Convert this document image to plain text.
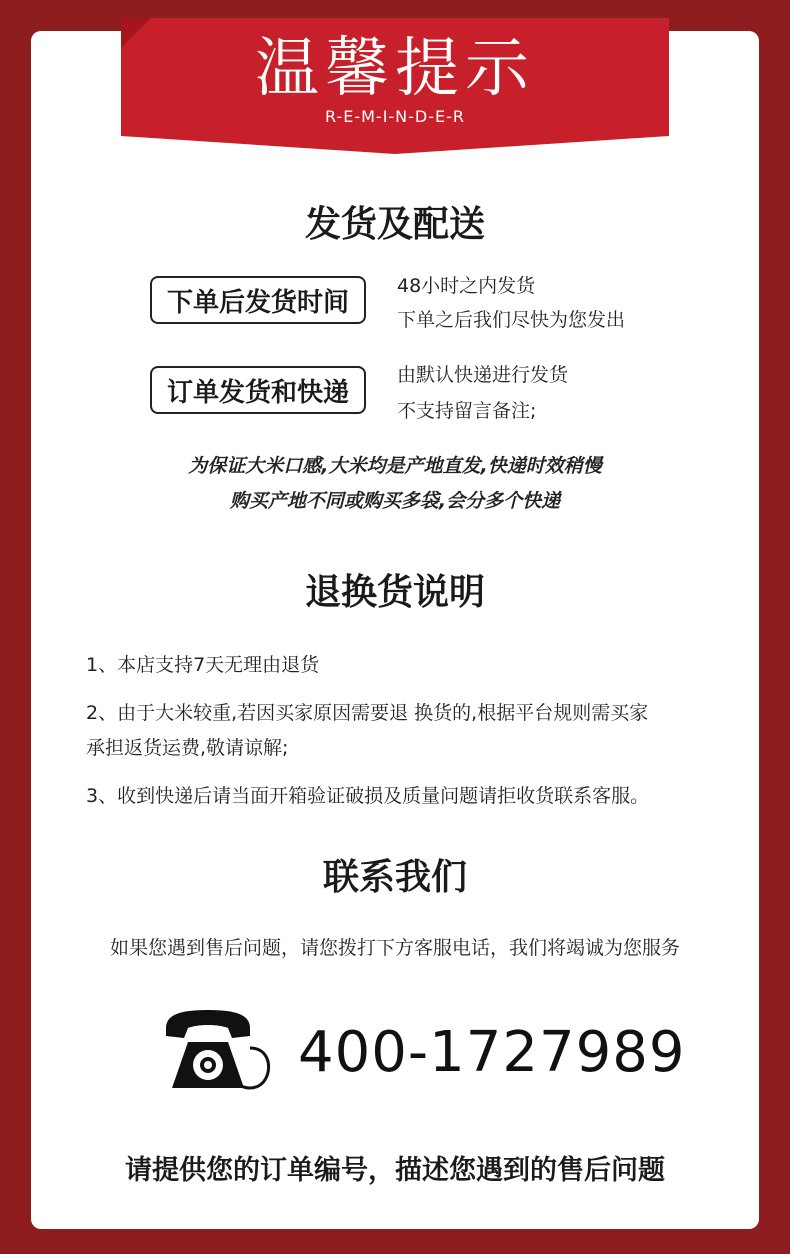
温馨提示
R-E-M-I-N-D-E-R
发货及配送
下单后发货时间
48小时之内发货
下单之后我们尽快为您发出
订单发货和快递
由默认快递进行发货
不支持留言备注;
为保证大米口感,大米均是产地直发,快递时效稍慢
购买产地不同或购买多袋,会分多个快递
退换货说明
1、本店支持7天无理由退货
2、由于大米较重,若因买家原因需要退 换货的,根据平台规则需买家
承担返货运费,敬请谅解;
3、收到快递后请当面开箱验证破损及质量问题请拒收货联系客服。
联系我们
如果您遇到售后问题，请您拨打下方客服电话，我们将竭诚为您服务
400-1727989
请提供您的订单编号，描述您遇到的售后问题
